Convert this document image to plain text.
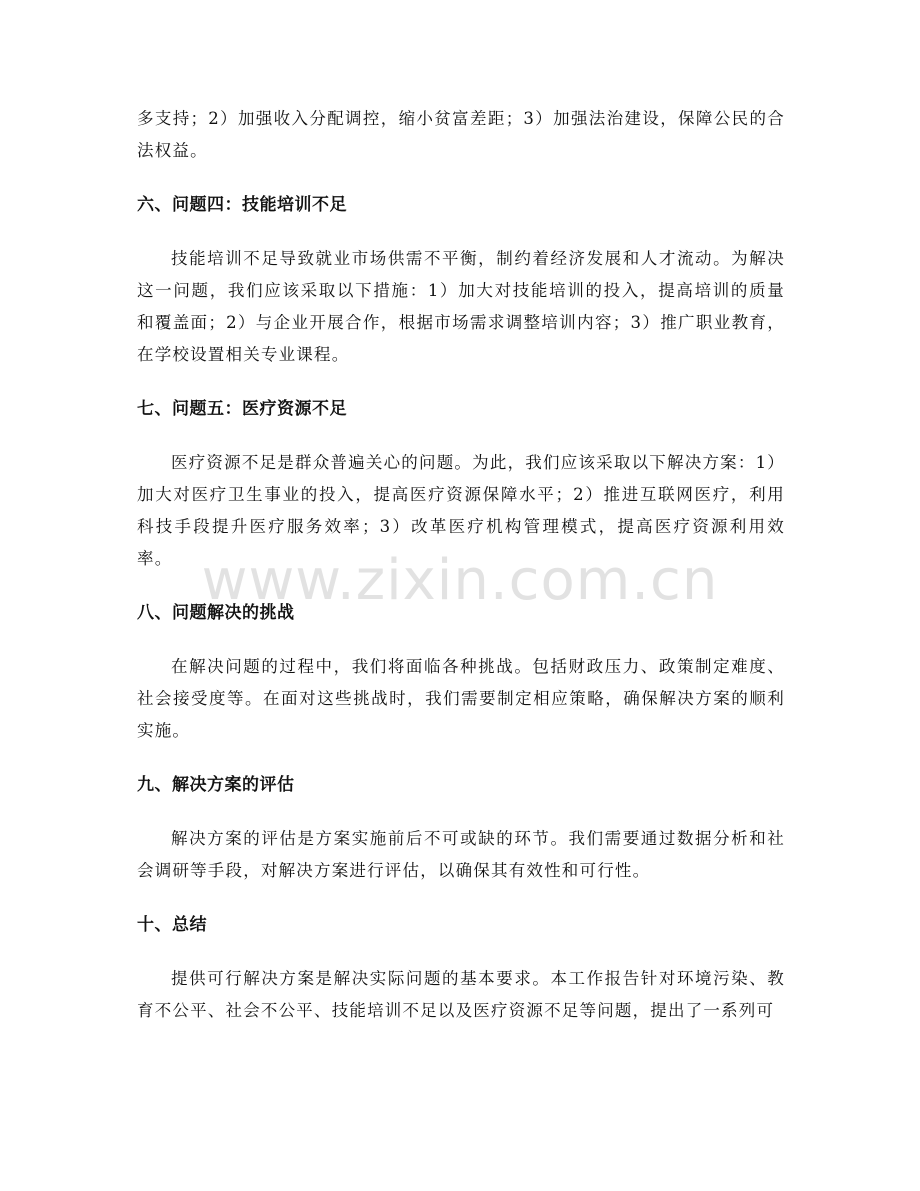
多支持；2）加强收入分配调控，缩小贫富差距；3）加强法治建设，保障公民的合法权益。

六、问题四：技能培训不足

技能培训不足导致就业市场供需不平衡，制约着经济发展和人才流动。为解决这一问题，我们应该采取以下措施：1）加大对技能培训的投入，提高培训的质量和覆盖面；2）与企业开展合作，根据市场需求调整培训内容；3）推广职业教育，在学校设置相关专业课程。

七、问题五：医疗资源不足

医疗资源不足是群众普遍关心的问题。为此，我们应该采取以下解决方案：1）加大对医疗卫生事业的投入，提高医疗资源保障水平；2）推进互联网医疗，利用科技手段提升医疗服务效率；3）改革医疗机构管理模式，提高医疗资源利用效率。

八、问题解决的挑战

在解决问题的过程中，我们将面临各种挑战。包括财政压力、政策制定难度、社会接受度等。在面对这些挑战时，我们需要制定相应策略，确保解决方案的顺利实施。

九、解决方案的评估

解决方案的评估是方案实施前后不可或缺的环节。我们需要通过数据分析和社会调研等手段，对解决方案进行评估，以确保其有效性和可行性。

十、总结

提供可行解决方案是解决实际问题的基本要求。本工作报告针对环境污染、教育不公平、社会不公平、技能培训不足以及医疗资源不足等问题，提出了一系列可

www.zixin.com.cn
